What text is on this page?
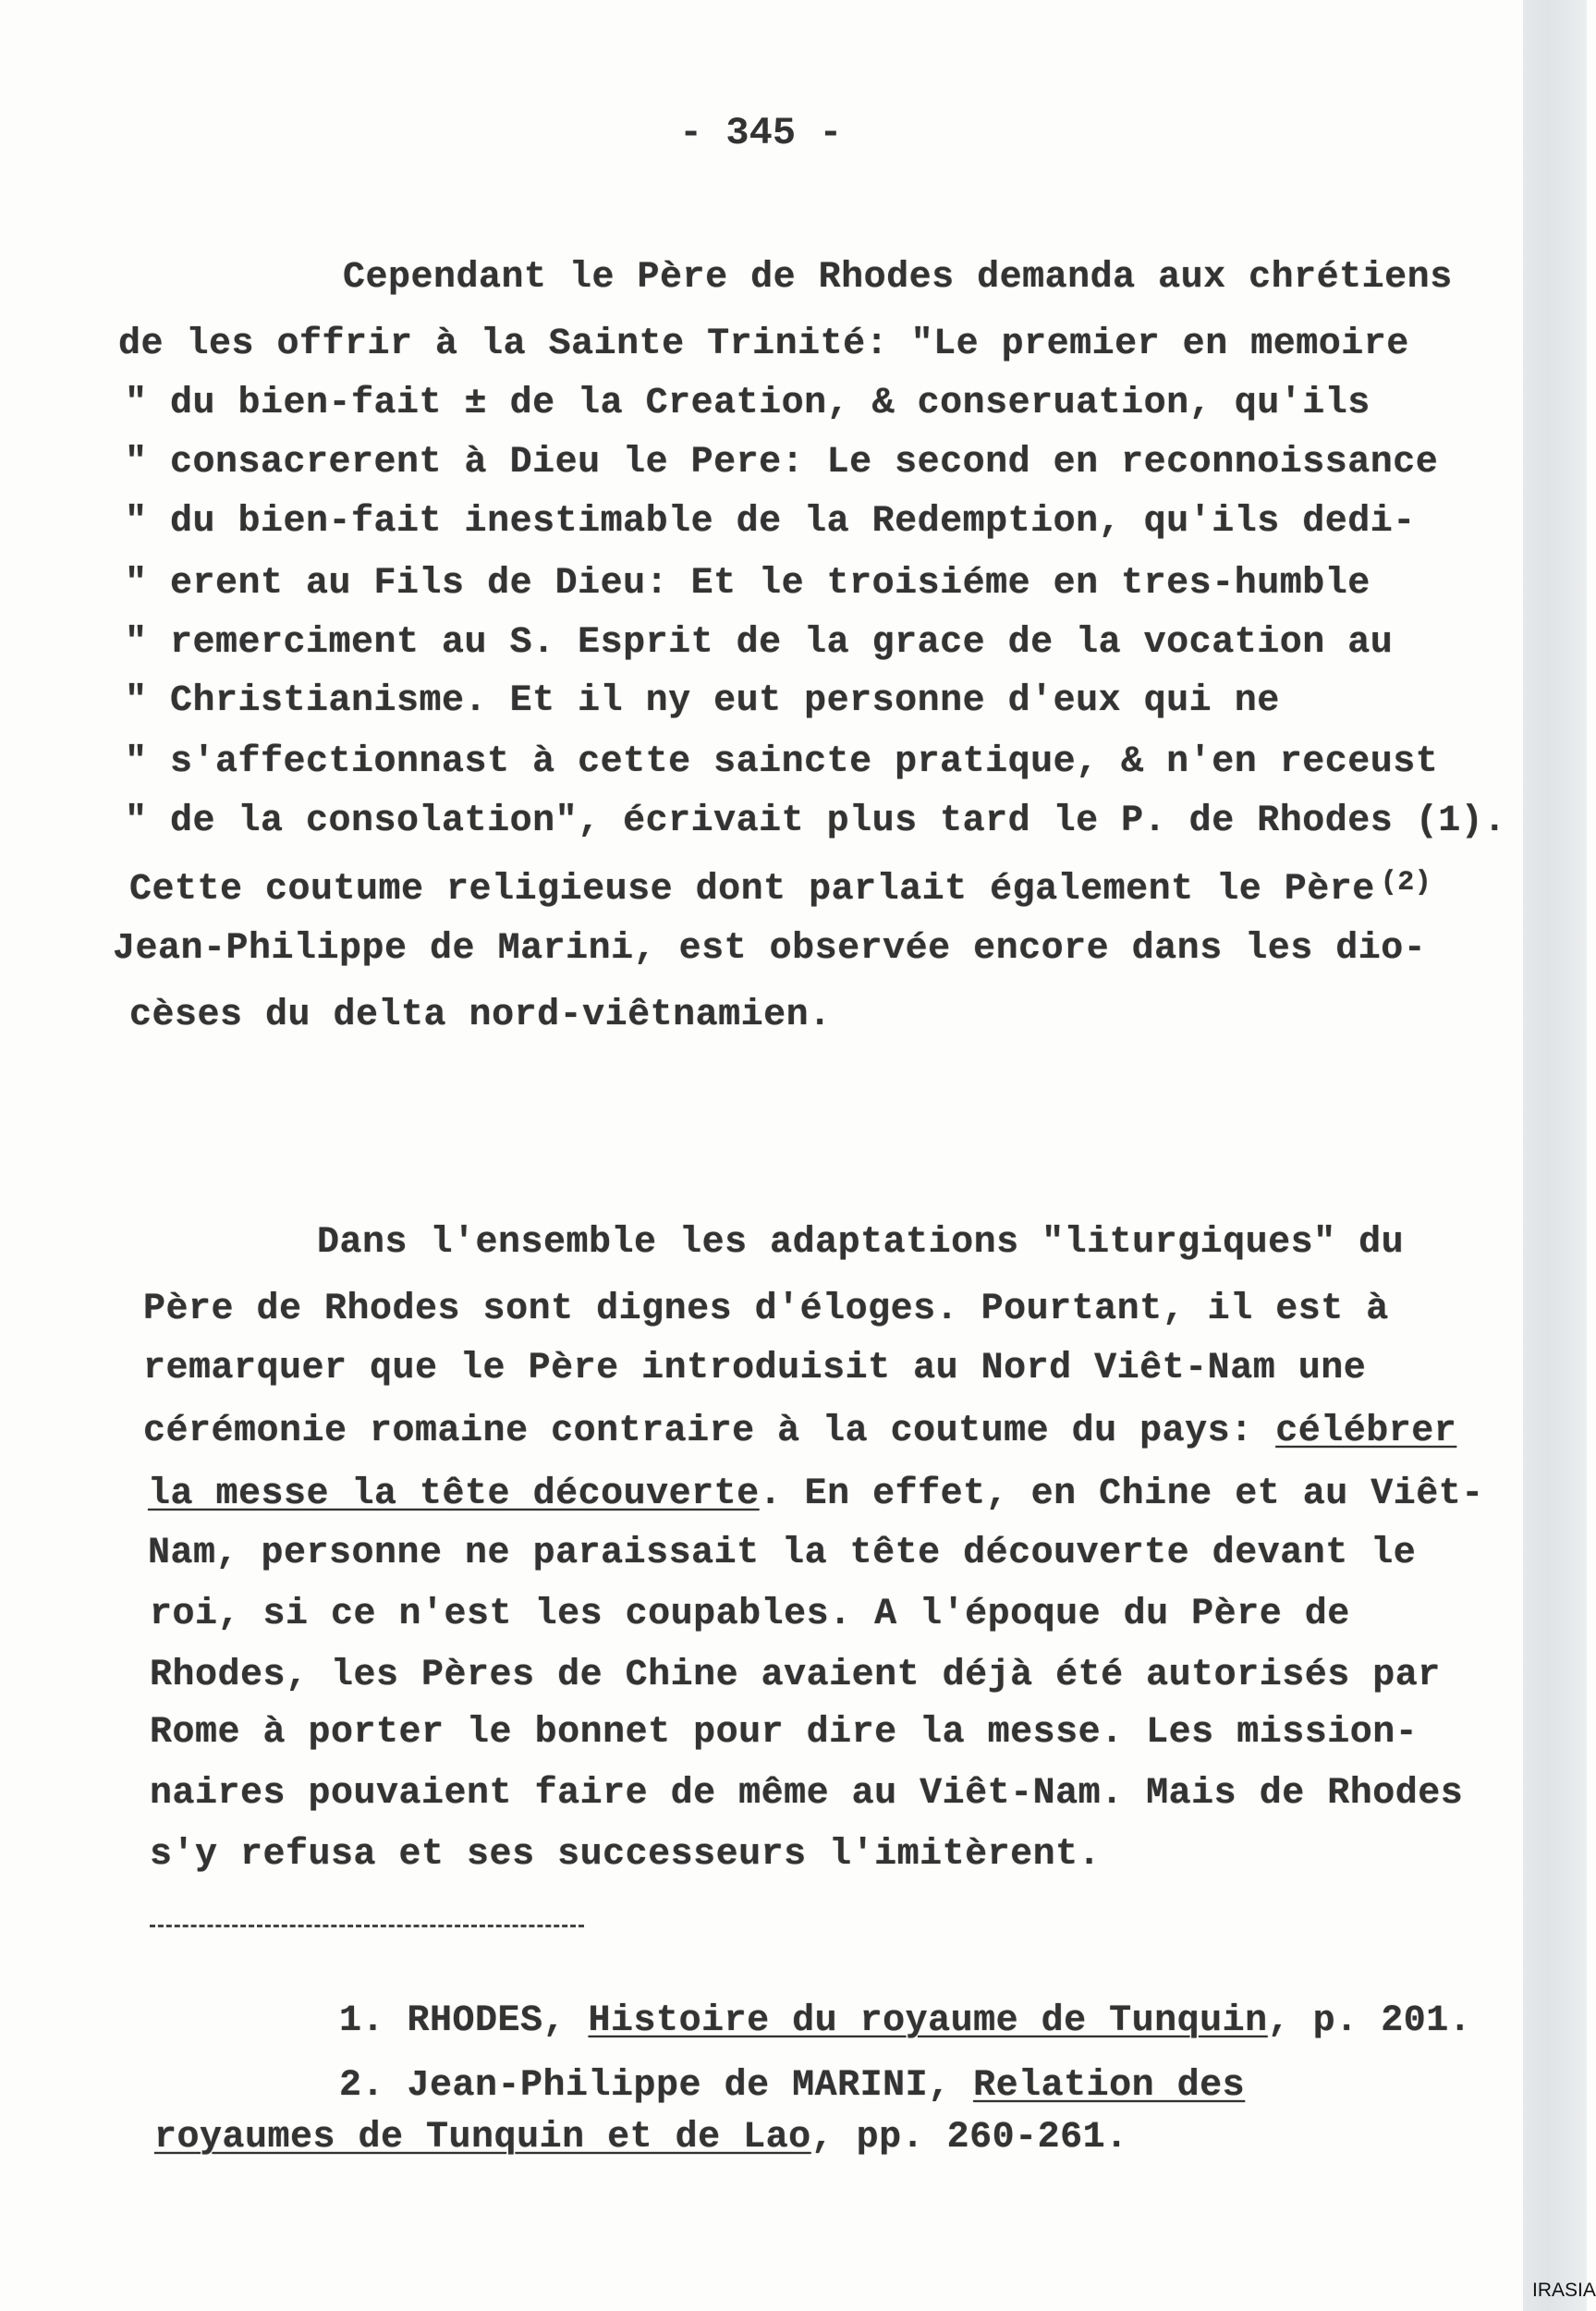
- 345 -
Cependant le Père de Rhodes demanda aux chrétiens
de les offrir à la Sainte Trinité: "Le premier en memoire
" du bien-fait ± de la Creation, & conseruation, qu'ils
" consacrerent à Dieu le Pere: Le second en reconnoissance
" du bien-fait inestimable de la Redemption, qu'ils dedi-
" erent au Fils de Dieu: Et le troisiéme en tres-humble
" remerciment au S. Esprit de la grace de la vocation au
" Christianisme. Et il ny eut personne d'eux qui ne
" s'affectionnast à cette saincte pratique, & n'en receust
" de la consolation", écrivait plus tard le P. de Rhodes (1).
Cette coutume religieuse dont parlait également le Père $^{(2)}$
Jean-Philippe de Marini, est observée encore dans les dio-
cèses du delta nord-viêtnamien.
Dans l'ensemble les adaptations "liturgiques" du
Père de Rhodes sont dignes d'éloges. Pourtant, il est à
remarquer que le Père introduisit au Nord Viêt-Nam une
cérémonie romaine contraire à la coutume du pays: célébrer
la messe la tête découverte. En effet, en Chine et au Viêt-
Nam, personne ne paraissait la tête découverte devant le
roi, si ce n'est les coupables. A l'époque du Père de
Rhodes, les Pères de Chine avaient déjà été autorisés par
Rome à porter le bonnet pour dire la messe. Les mission-
naires pouvaient faire de même au Viêt-Nam. Mais de Rhodes
s'y refusa et ses successeurs l'imitèrent.
1. RHODES, Histoire du royaume de Tunquin, p. 201.
2. Jean-Philippe de MARINI, Relation des
royaumes de Tunquin et de Lao, pp. 260-261.
IRASIA
